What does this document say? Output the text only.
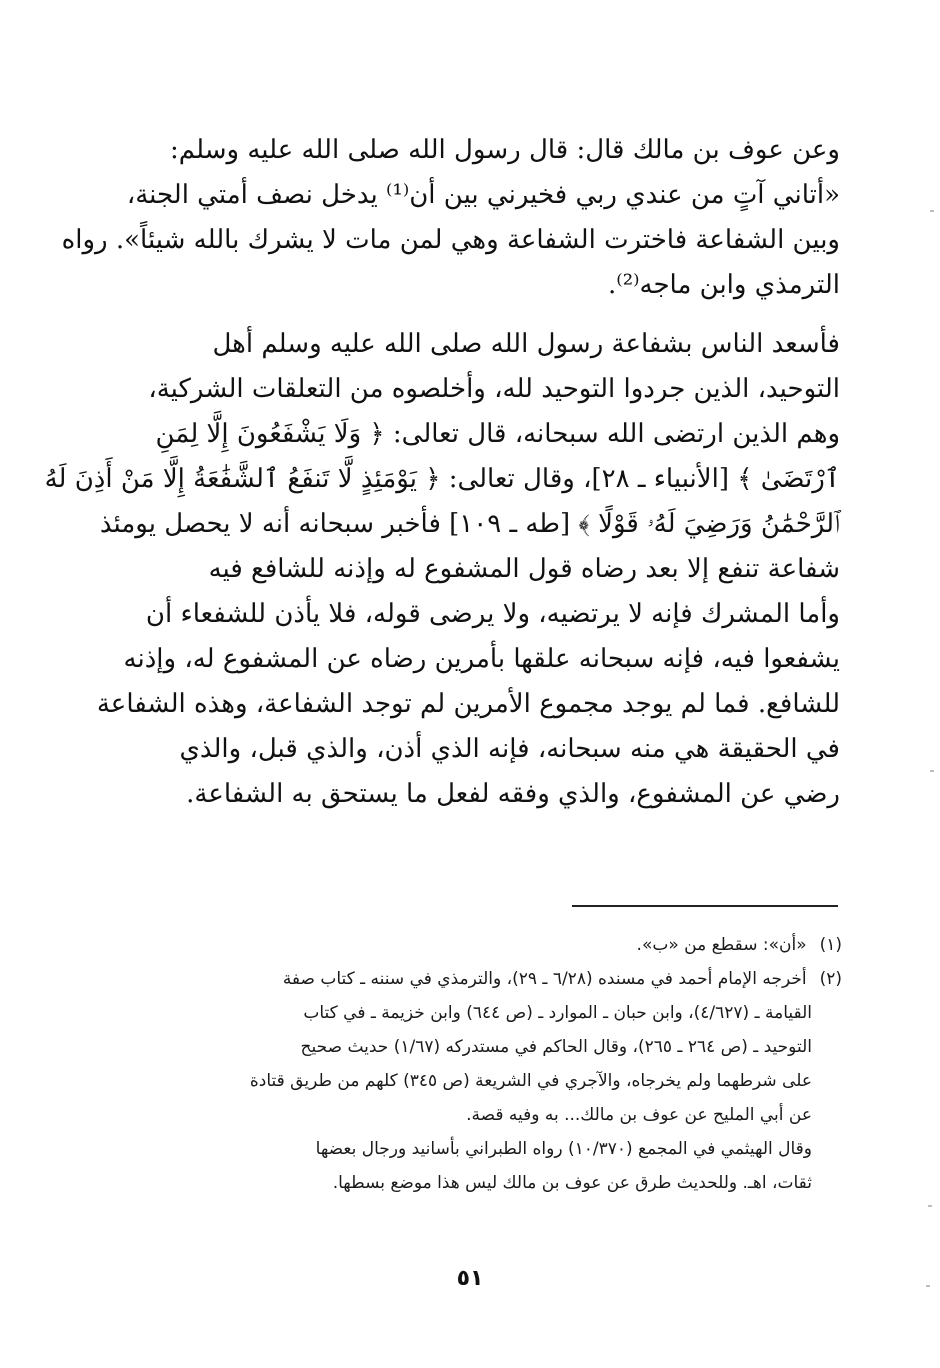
وعن عوف بن مالك قال: قال رسول الله صلى الله عليه وسلم:
«أتاني آتٍ من عندي ربي فخيرني بين أن⁽¹⁾ يدخل نصف أمتي الجنة،
وبين الشفاعة فاخترت الشفاعة وهي لمن مات لا يشرك بالله شيئاً». رواه
الترمذي وابن ماجه⁽²⁾.
فأسعد الناس بشفاعة رسول الله صلى الله عليه وسلم أهل
التوحيد، الذين جردوا التوحيد لله، وأخلصوه من التعلقات الشركية،
وهم الذين ارتضى الله سبحانه، قال تعالى: ﴿ وَلَا يَشْفَعُونَ إِلَّا لِمَنِ
ٱرْتَضَىٰ ﴾ [الأنبياء ـ ٢٨]، وقال تعالى: ﴿ يَوْمَئِذٍ لَّا تَنفَعُ ٱلشَّفَٰعَةُ إِلَّا مَنْ أَذِنَ لَهُ
ٱلرَّحْمَٰنُ وَرَضِيَ لَهُۥ قَوْلًا ﴾ [طه ـ ١٠٩] فأخبر سبحانه أنه لا يحصل يومئذ
شفاعة تنفع إلا بعد رضاه قول المشفوع له وإذنه للشافع فيه
وأما المشرك فإنه لا يرتضيه، ولا يرضى قوله، فلا يأذن للشفعاء أن
يشفعوا فيه، فإنه سبحانه علقها بأمرين رضاه عن المشفوع له، وإذنه
للشافع. فما لم يوجد مجموع الأمرين لم توجد الشفاعة، وهذه الشفاعة
في الحقيقة هي منه سبحانه، فإنه الذي أذن، والذي قبل، والذي
رضي عن المشفوع، والذي وفقه لفعل ما يستحق به الشفاعة.
(١) «أن»: سقطع من «ب».
(٢) أخرجه الإمام أحمد في مسنده (٦/٢٨ ـ ٢٩)، والترمذي في سننه ـ كتاب صفة
القيامة ـ (٤/٦٢٧)، وابن حبان ـ الموارد ـ (ص ٦٤٤) وابن خزيمة ـ في كتاب
التوحيد ـ (ص ٢٦٤ ـ ٢٦٥)، وقال الحاكم في مستدركه (١/٦٧) حديث صحيح
على شرطهما ولم يخرجاه، والآجري في الشريعة (ص ٣٤٥) كلهم من طريق قتادة
عن أبي المليح عن عوف بن مالك... به وفيه قصة.
وقال الهيثمي في المجمع (١٠/٣٧٠) رواه الطبراني بأسانيد ورجال بعضها
ثقات، اهـ. وللحديث طرق عن عوف بن مالك ليس هذا موضع بسطها.
٥١
